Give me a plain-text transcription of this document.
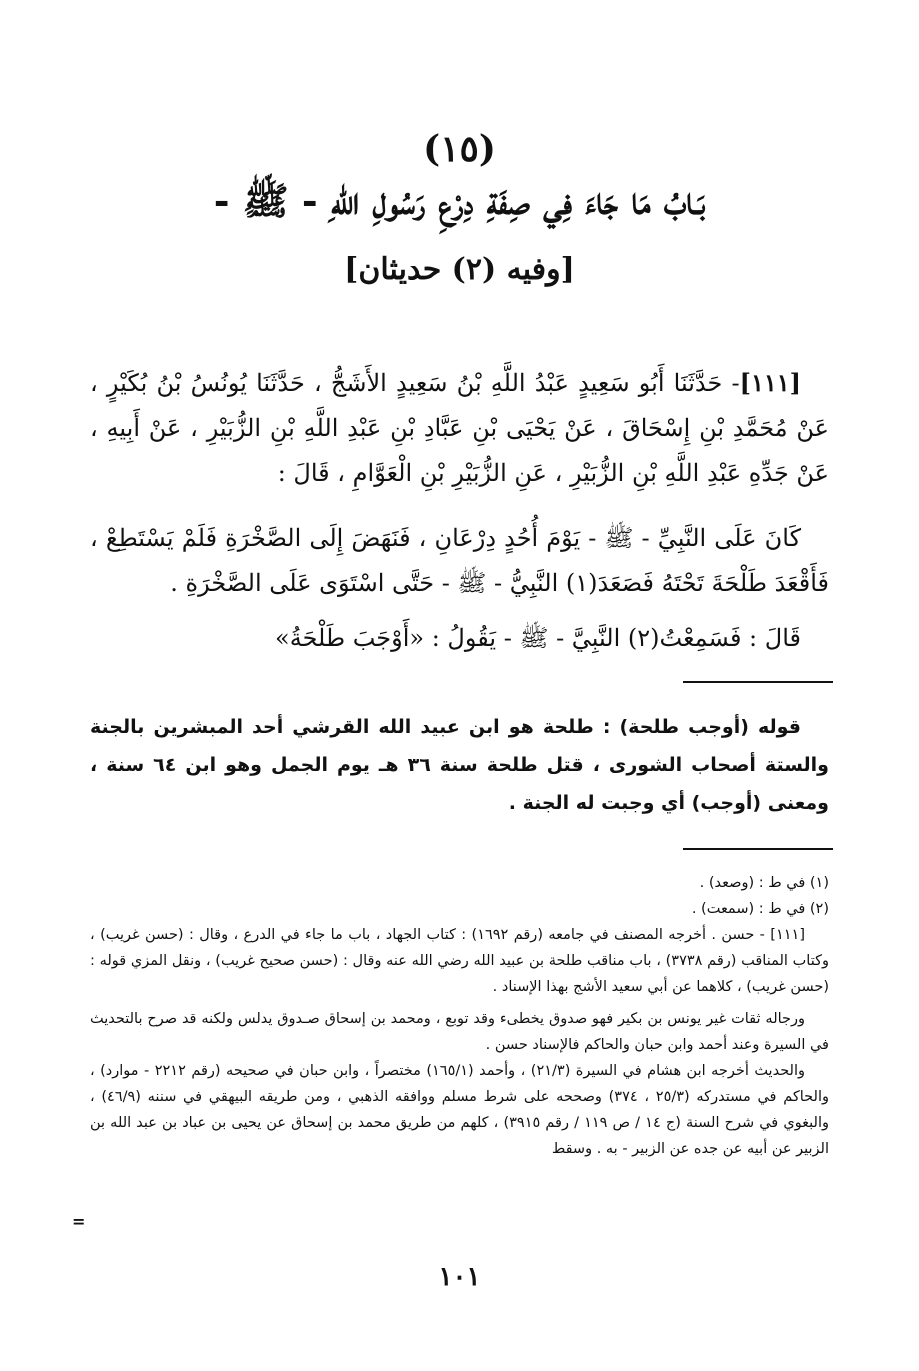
(١٥)
بَـابُ مَا جَاءَ فِي صِفَةِ دِرْعِ رَسُولِ اللهِ - ﷺ -
[وفيه (٢) حديثان]
[١١١]- حَدَّثَنَا أَبُو سَعِيدٍ عَبْدُ اللَّهِ بْنُ سَعِيدٍ الأَشَجُّ ، حَدَّثَنَا يُونُسُ بْنُ بُكَيْرٍ ، عَنْ مُحَمَّدِ بْنِ إِسْحَاقَ ، عَنْ يَحْيَى بْنِ عَبَّادِ بْنِ عَبْدِ اللَّهِ بْنِ الزُّبَيْرِ ، عَنْ أَبِيهِ ، عَنْ جَدِّهِ عَبْدِ اللَّهِ بْنِ الزُّبَيْرِ ، عَنِ الزُّبَيْرِ بْنِ الْعَوَّامِ ، قَالَ :
كَانَ عَلَى النَّبِيِّ - ﷺ - يَوْمَ أُحُدٍ دِرْعَانِ ، فَنَهَضَ إِلَى الصَّخْرَةِ فَلَمْ يَسْتَطِعْ ، فَأَقْعَدَ طَلْحَةَ تَحْتَهُ فَصَعَدَ(١) النَّبِيُّ - ﷺ - حَتَّى اسْتَوَى عَلَى الصَّخْرَةِ .
قَالَ : فَسَمِعْتُ(٢) النَّبِيَّ - ﷺ - يَقُولُ : «أَوْجَبَ طَلْحَةُ»
قوله (أوجب طلحة) : طلحة هو ابن عبيد الله القرشي أحد المبشرين بالجنة والستة أصحاب الشورى ، قتل طلحة سنة ٣٦ هـ يوم الجمل وهو ابن ٦٤ سنة ، ومعنى (أوجب) أي وجبت له الجنة .

(١) في ط : (وصعد) .

(٢) في ط : (سمعت) .

[١١١] - حسن . أخرجه المصنف في جامعه (رقم ١٦٩٢) : كتاب الجهاد ، باب ما جاء في الدرع ، وقال : (حسن غريب) ، وكتاب المناقب (رقم ٣٧٣٨) ، باب مناقب طلحة بن عبيد الله رضي الله عنه وقال : (حسن صحيح غريب) ، ونقل المزي قوله : (حسن غريب) ، كلاهما عن أبي سعيد الأشج بهذا الإسناد .

ورجاله ثقات غير يونس بن بكير فهو صدوق يخطىء وقد توبع ، ومحمد بن إسحاق صـدوق يدلس ولكنه قد صرح بالتحديث في السيرة وعند أحمد وابن حبان والحاكم فالإسناد حسن .

والحديث أخرجه ابن هشام في السيرة (٢١/٣) ، وأحمد (١٦٥/١) مختصراً ، وابن حبان في صحيحه (رقم ٢٢١٢ - موارد) ، والحاكم في مستدركه (٢٥/٣ ، ٣٧٤) وصححه على شرط مسلم ووافقه الذهبي ، ومن طريقه البيهقي في سننه (٤٦/٩) ، والبغوي في شرح السنة (ج ١٤ / ص ١١٩ / رقم ٣٩١٥) ، كلهم من طريق محمد بن إسحاق عن يحيى بن عباد بن عبد الله بن الزبير عن أبيه عن جده عن الزبير - به . وسقط

=
١٠١
